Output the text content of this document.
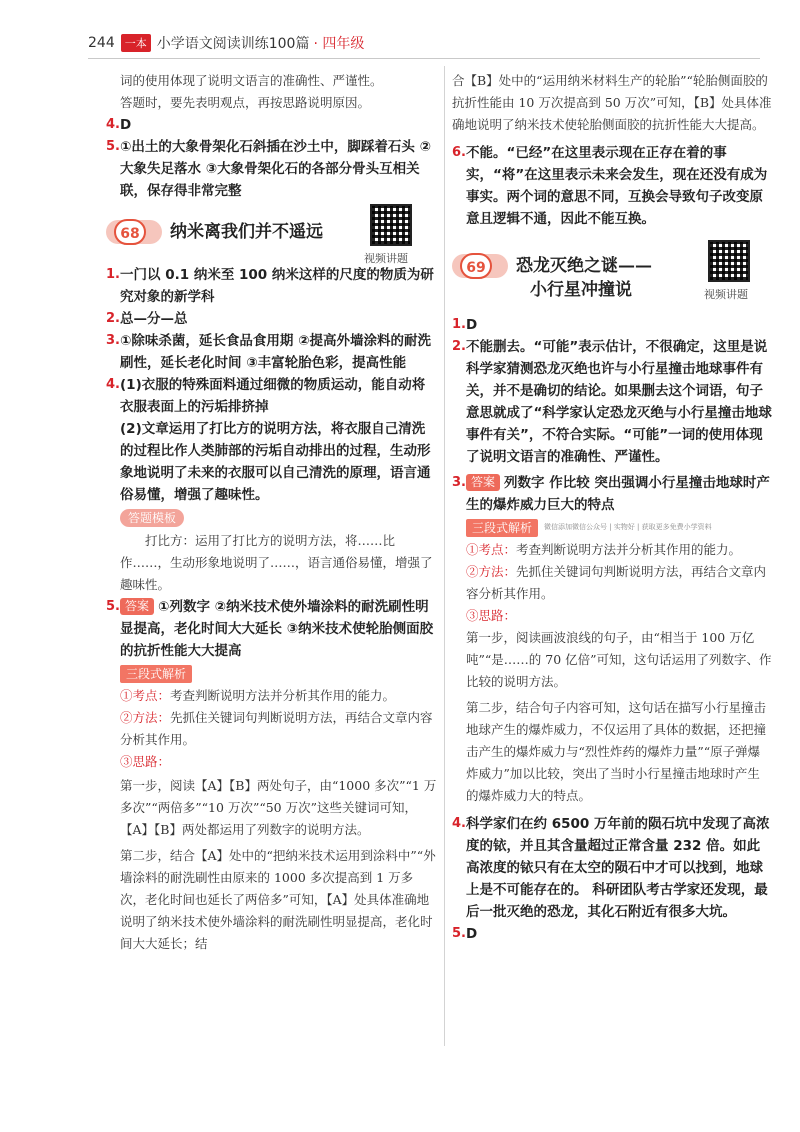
244 一本 小学语文阅读训练100篇 · 四年级

词的使用体现了说明文语言的准确性、严谨性。
答题时，要先表明观点，再按思路说明原因。

4. D
5. ①出土的大象骨架化石斜插在沙土中，脚踩着石头 ②大象失足落水 ③大象骨架化石的各部分骨头互相关联，保存得非常完整
68	纳米离我们并不遥远
视频讲题
1. 一门以 0.1 纳米至 100 纳米这样的尺度的物质为研究对象的新学科
2. 总—分—总
3. ①除味杀菌，延长食品食用期 ②提高外墙涂料的耐洗刷性，延长老化时间 ③丰富轮胎色彩，提高性能
4. (1)衣服的特殊面料通过细微的物质运动，能自动将衣服表面上的污垢排挤掉

(2)文章运用了打比方的说明方法，将衣服自己清洗的过程比作人类肺部的污垢自动排出的过程，生动形象地说明了未来的衣服可以自己清洗的原理，语言通俗易懂，增强了趣味性。

答题模板

打比方：运用了打比方的说明方法，将……比作……，生动形象地说明了……，语言通俗易懂，增强了趣味性。

5. 答案 ①列数字 ②纳米技术使外墙涂料的耐洗刷性明显提高，老化时间大大延长 ③纳米技术使轮胎侧面胶的抗折性能大大提高
三段式解析

①考点：考查判断说明方法并分析其作用的能力。

②方法：先抓住关键词句判断说明方法，再结合文章内容分析其作用。

③思路：

第一步，阅读【A】【B】两处句子，由“1000 多次”“1 万多次”“两倍多”“10 万次”“50 万次”这些关键词可知，【A】【B】两处都运用了列数字的说明方法。

第二步，结合【A】处中的“把纳米技术运用到涂料中”“外墙涂料的耐洗刷性由原来的 1000 多次提高到 1 万多次，老化时间也延长了两倍多”可知，【A】处具体准确地说明了纳米技术使外墙涂料的耐洗刷性明显提高，老化时间大大延长；结

合【B】处中的“运用纳米材料生产的轮胎”“轮胎侧面胶的抗折性能由 10 万次提高到 50 万次”可知，【B】处具体准确地说明了纳米技术使轮胎侧面胶的抗折性能大大提高。

6. 不能。“已经”在这里表示现在正存在着的事实，“将”在这里表示未来会发生，现在还没有成为事实。两个词的意思不同，互换会导致句子改变原意且逻辑不通，因此不能互换。
69	恐龙灭绝之谜——
小行星冲撞说	视频讲题
1. D
2. 不能删去。“可能”表示估计，不很确定，这里是说科学家猜测恐龙灭绝也许与小行星撞击地球事件有关，并不是确切的结论。如果删去这个词语，句子意思就成了“科学家认定恐龙灭绝与小行星撞击地球事件有关”，不符合实际。“可能”一词的使用体现了说明文语言的准确性、严谨性。
3. 答案 列数字 作比较 突出强调小行星撞击地球时产生的爆炸威力巨大的特点
三段式解析 $^{微信添加微信公众号 | 实物好 | 获取更多免费小学资料}$

①考点：考查判断说明方法并分析其作用的能力。

②方法：先抓住关键词句判断说明方法，再结合文章内容分析其作用。

③思路：

第一步，阅读画波浪线的句子，由“相当于 100 万亿吨”“是……的 70 亿倍”可知，这句话运用了列数字、作比较的说明方法。

第二步，结合句子内容可知，这句话在描写小行星撞击地球产生的爆炸威力，不仅运用了具体的数据，还把撞击产生的爆炸威力与“烈性炸药的爆炸力量”“原子弹爆炸威力”加以比较，突出了当时小行星撞击地球时产生的爆炸威力大的特点。

4. 科学家们在约 6500 万年前的陨石坑中发现了高浓度的铱，并且其含量超过正常含量 232 倍。如此高浓度的铱只有在太空的陨石中才可以找到，地球上是不可能存在的。 科研团队考古学家还发现，最后一批灭绝的恐龙，其化石附近有很多大坑。
5. D
